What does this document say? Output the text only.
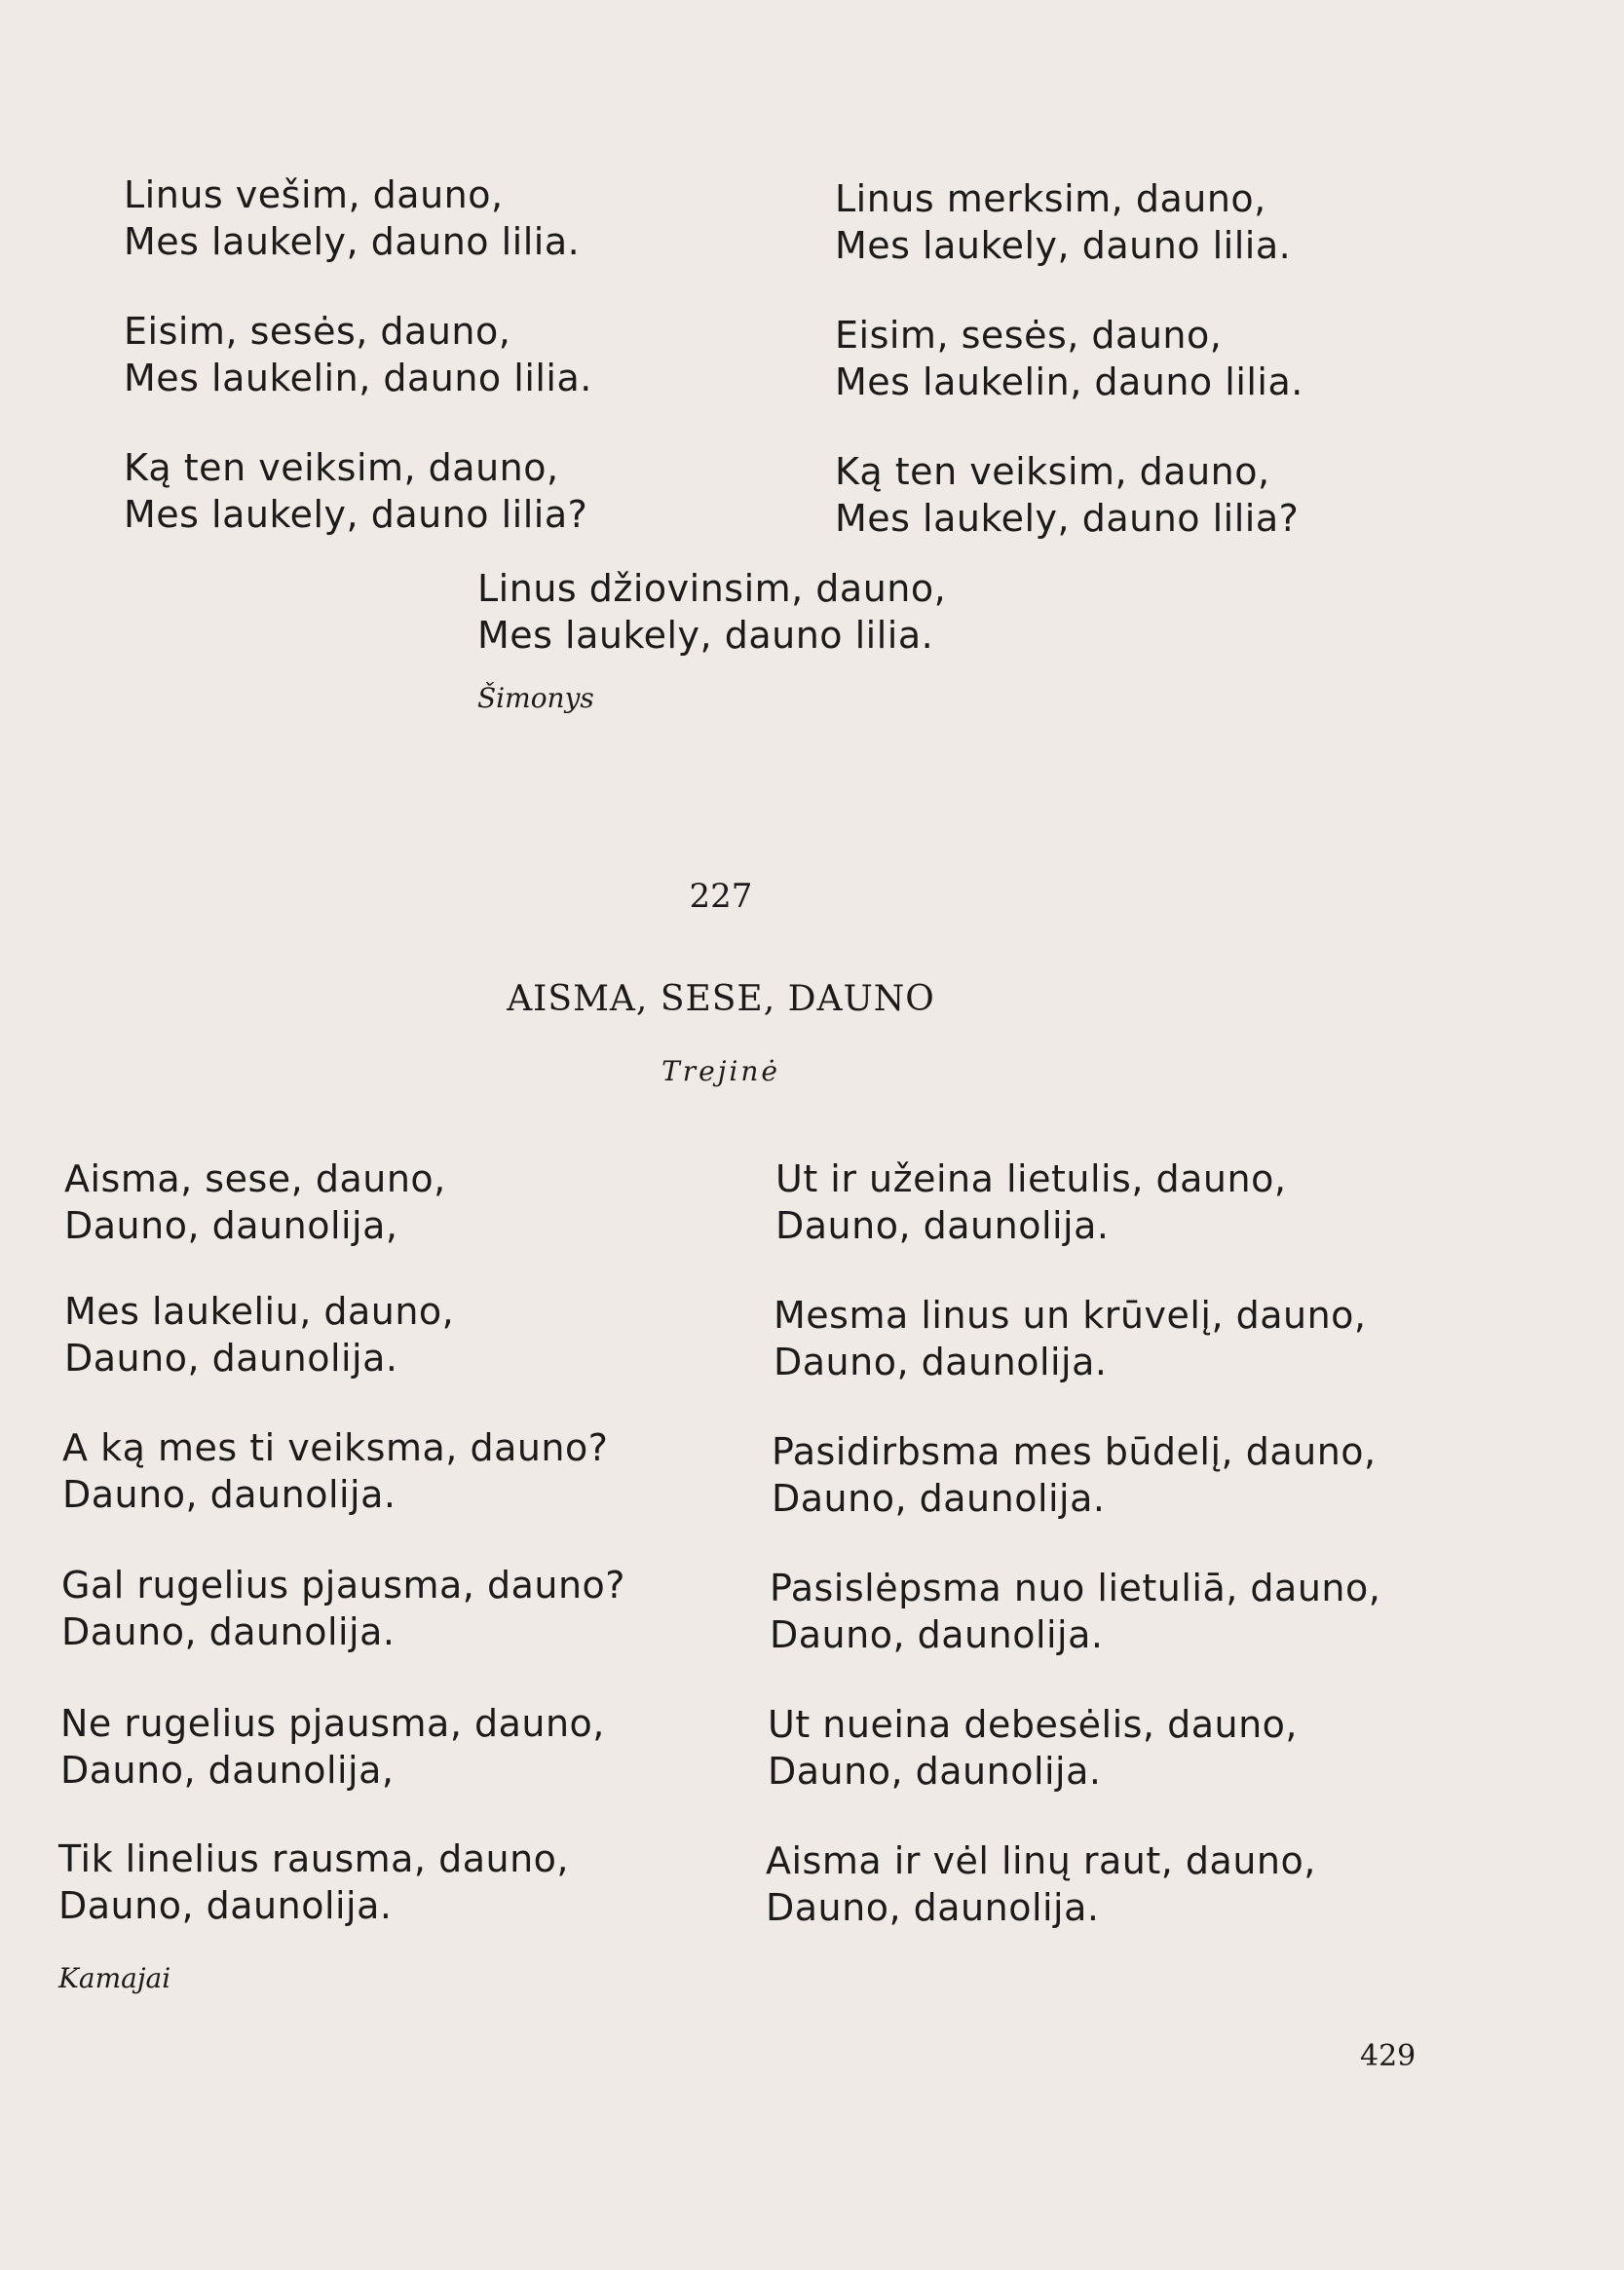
Linus vešim, dauno,
Mes laukely, dauno lilia.
Eisim, sesės, dauno,
Mes laukelin, dauno lilia.
Ką ten veiksim, dauno,
Mes laukely, dauno lilia?
Linus merksim, dauno,
Mes laukely, dauno lilia.
Eisim, sesės, dauno,
Mes laukelin, dauno lilia.
Ką ten veiksim, dauno,
Mes laukely, dauno lilia?
Linus džiovinsim, dauno,
Mes laukely, dauno lilia.
Šimonys
227
AISMA, SESE, DAUNO
Trejinė
Aisma, sese, dauno,
Dauno, daunolija,
Mes laukeliu, dauno,
Dauno, daunolija.
A ką mes ti veiksma, dauno?
Dauno, daunolija.
Gal rugelius pjausma, dauno?
Dauno, daunolija.
Ne rugelius pjausma, dauno,
Dauno, daunolija,
Tik linelius rausma, dauno,
Dauno, daunolija.
Ut ir užeina lietulis, dauno,
Dauno, daunolija.
Mesma linus un krūvelį, dauno,
Dauno, daunolija.
Pasidirbsma mes būdelį, dauno,
Dauno, daunolija.
Pasislėpsma nuo lietuliā, dauno,
Dauno, daunolija.
Ut nueina debesėlis, dauno,
Dauno, daunolija.
Aisma ir vėl linų raut, dauno,
Dauno, daunolija.
Kamajai
429
